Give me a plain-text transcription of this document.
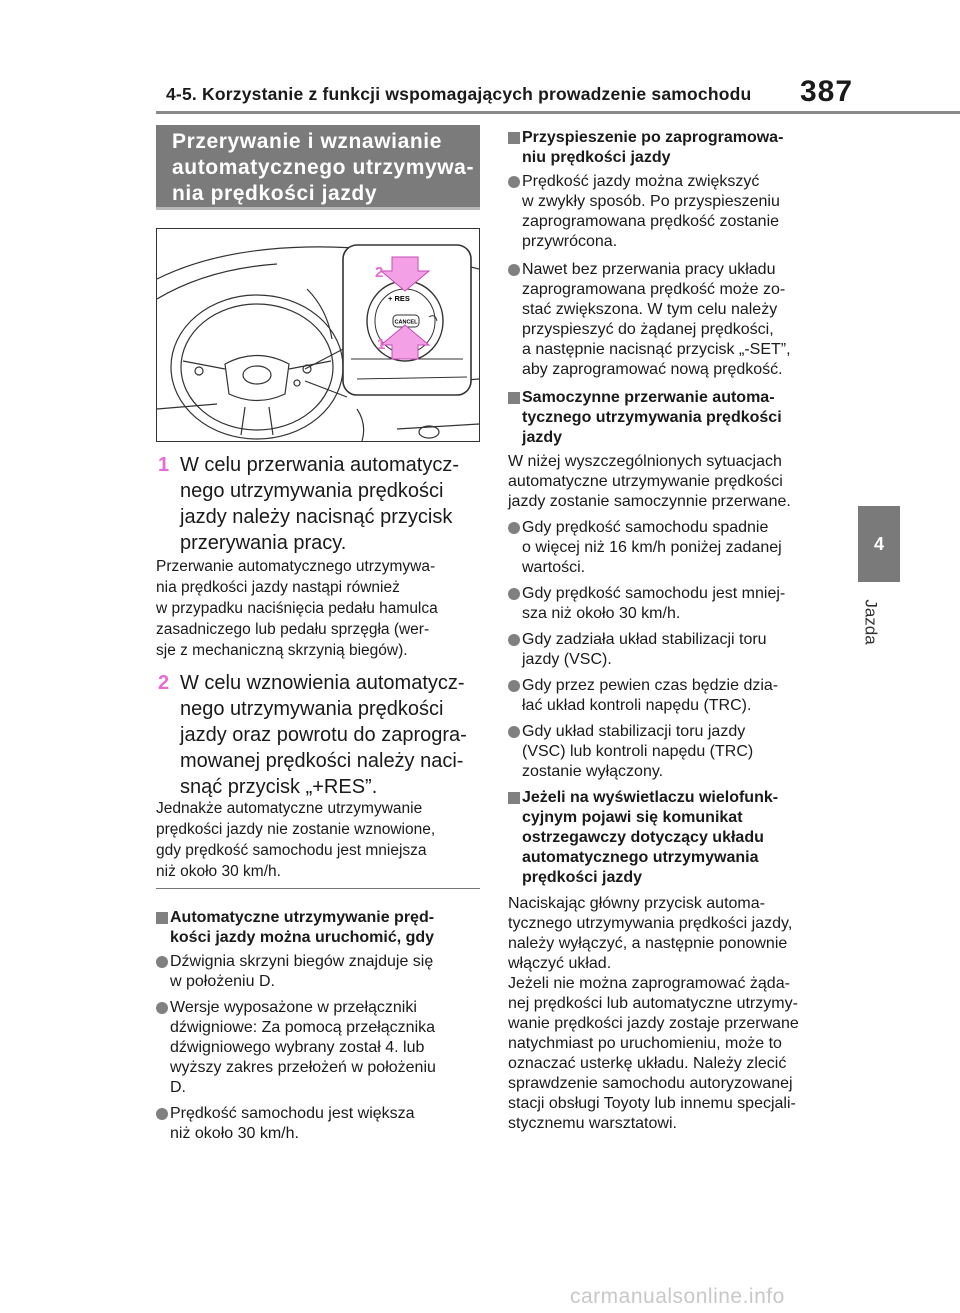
4-5. Korzystanie z funkcji wspomagających prowadzenie samochodu 387
4
Jazda
Przerywanie i wznawianie
automatycznego utrzymywa-
nia prędkości jazdy
+ RES
CANCEL
2
1
1 W celu przerwania automatycz-
nego utrzymywania prędkości
jazdy należy nacisnąć przycisk
przerywania pracy.
Przerwanie automatycznego utrzymywa-
nia prędkości jazdy nastąpi również
w przypadku naciśnięcia pedału hamulca
zasadniczego lub pedału sprzęgła (wer-
sje z mechaniczną skrzynią biegów).
2 W celu wznowienia automatycz-
nego utrzymywania prędkości
jazdy oraz powrotu do zaprogra-
mowanej prędkości należy naci-
snąć przycisk „+RES”.
Jednakże automatyczne utrzymywanie
prędkości jazdy nie zostanie wznowione,
gdy prędkość samochodu jest mniejsza
niż około 30 km/h.
Automatyczne utrzymywanie pręd-
kości jazdy można uruchomić, gdy
Dźwignia skrzyni biegów znajduje się
w położeniu D.
Wersje wyposażone w przełączniki
dźwigniowe: Za pomocą przełącznika
dźwigniowego wybrany został 4. lub
wyższy zakres przełożeń w położeniu
D.
Prędkość samochodu jest większa
niż około 30 km/h.
Przyspieszenie po zaprogramowa-
niu prędkości jazdy
Prędkość jazdy można zwiększyć
w zwykły sposób. Po przyspieszeniu
zaprogramowana prędkość zostanie
przywrócona.
Nawet bez przerwania pracy układu
zaprogramowana prędkość może zo-
stać zwiększona. W tym celu należy
przyspieszyć do żądanej prędkości,
a następnie nacisnąć przycisk „-SET”,
aby zaprogramować nową prędkość.
Samoczynne przerwanie automa-
tycznego utrzymywania prędkości
jazdy
W niżej wyszczególnionych sytuacjach
automatyczne utrzymywanie prędkości
jazdy zostanie samoczynnie przerwane.
Gdy prędkość samochodu spadnie
o więcej niż 16 km/h poniżej zadanej
wartości.
Gdy prędkość samochodu jest mniej-
sza niż około 30 km/h.
Gdy zadziała układ stabilizacji toru
jazdy (VSC).
Gdy przez pewien czas będzie dzia-
łać układ kontroli napędu (TRC).
Gdy układ stabilizacji toru jazdy
(VSC) lub kontroli napędu (TRC)
zostanie wyłączony.
Jeżeli na wyświetlaczu wielofunk-
cyjnym pojawi się komunikat
ostrzegawczy dotyczący układu
automatycznego utrzymywania
prędkości jazdy
Naciskając główny przycisk automa-
tycznego utrzymywania prędkości jazdy,
należy wyłączyć, a następnie ponownie
włączyć układ.
Jeżeli nie można zaprogramować żąda-
nej prędkości lub automatyczne utrzymy-
wanie prędkości jazdy zostaje przerwane
natychmiast po uruchomieniu, może to
oznaczać usterkę układu. Należy zlecić
sprawdzenie samochodu autoryzowanej
stacji obsługi Toyoty lub innemu specjali-
stycznemu warsztatowi.
carmanualsonline.info
